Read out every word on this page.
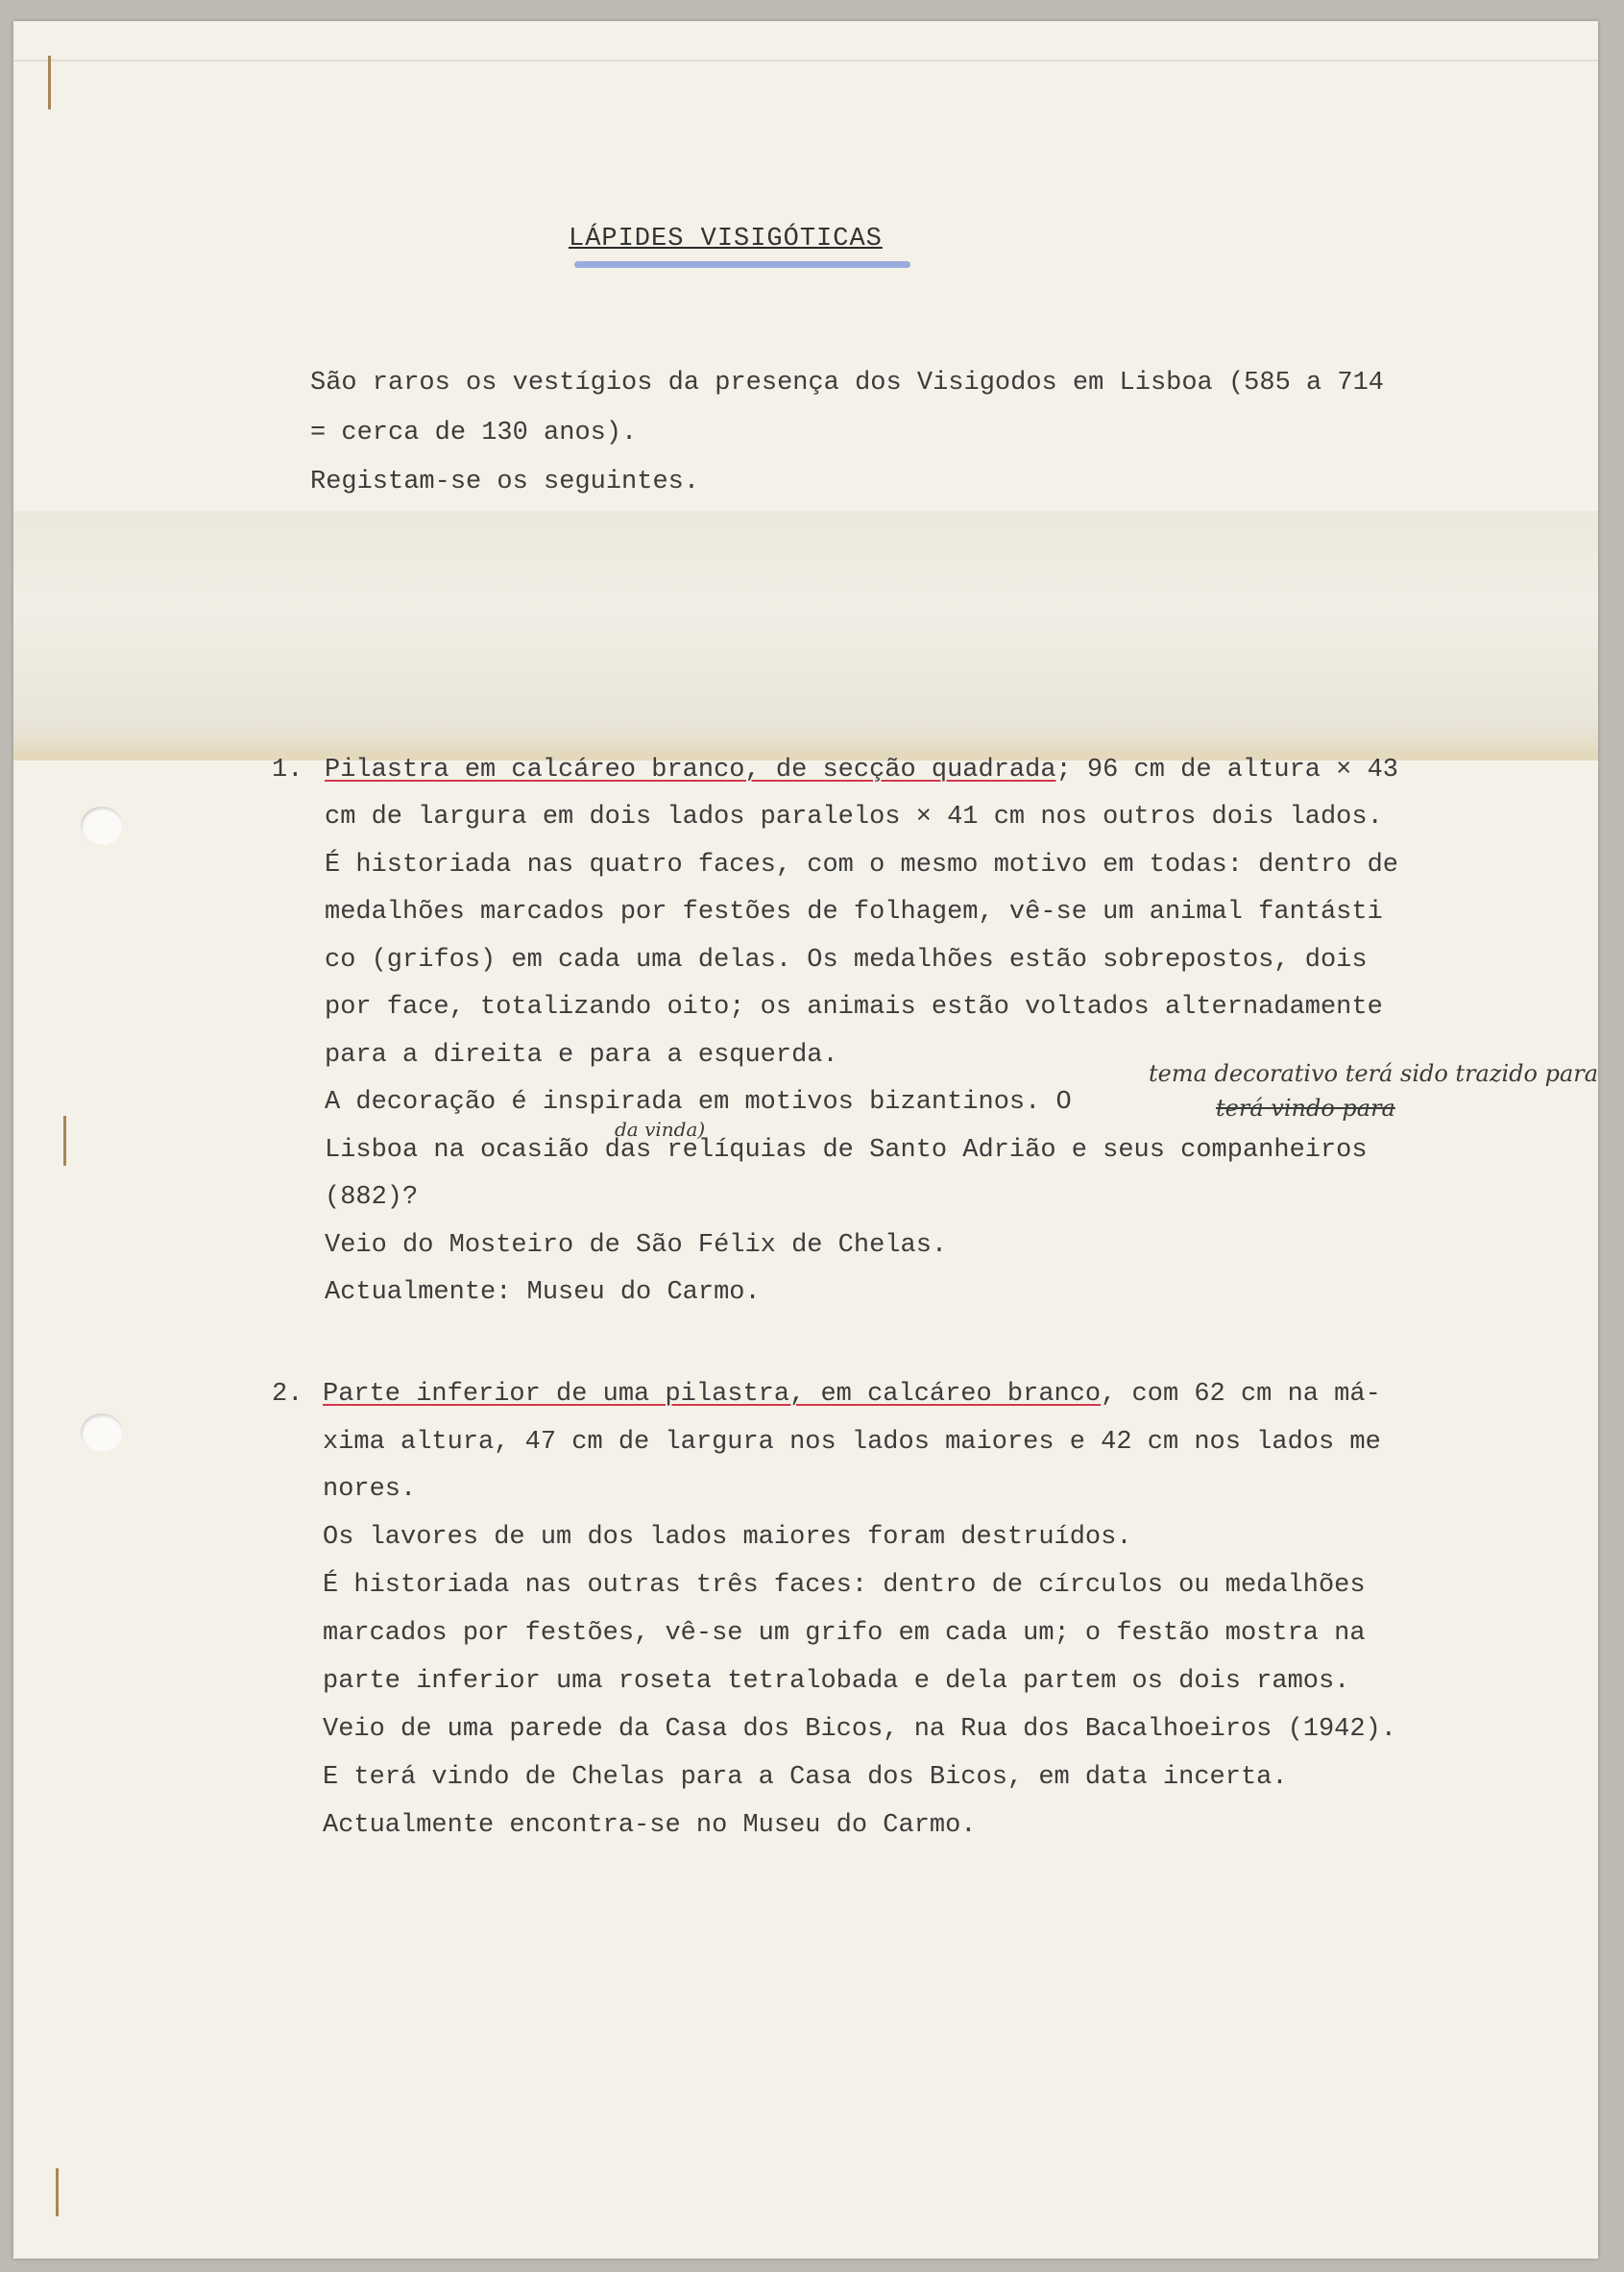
LÁPIDES VISIGÓTICAS
São raros os vestígios da presença dos Visigodos em Lisboa (585 a 714
= cerca de 130 anos).
Registam-se os seguintes.
1. Pilastra em calcáreo branco, de secção quadrada; 96 cm de altura × 43
cm de largura em dois lados paralelos × 41 cm nos outros dois lados.
É historiada nas quatro faces, com o mesmo motivo em todas: dentro de
medalhões marcados por festões de folhagem, vê-se um animal fantásti
co (grifos) em cada uma delas. Os medalhões estão sobrepostos, dois
por face, totalizando oito; os animais estão voltados alternadamente
para a direita e para a esquerda.
A decoração é inspirada em motivos bizantinos. O
Lisboa na ocasião das relíquias de Santo Adrião e seus companheiros
(882)?
Veio do Mosteiro de São Félix de Chelas.
Actualmente: Museu do Carmo.
tema decorativo terá sido trazido para
terá vindo para
da vinda)
2. Parte inferior de uma pilastra, em calcáreo branco, com 62 cm na má-
xima altura, 47 cm de largura nos lados maiores e 42 cm nos lados me
nores.
Os lavores de um dos lados maiores foram destruídos.
É historiada nas outras três faces: dentro de círculos ou medalhões
marcados por festões, vê-se um grifo em cada um; o festão mostra na
parte inferior uma roseta tetralobada e dela partem os dois ramos.
Veio de uma parede da Casa dos Bicos, na Rua dos Bacalhoeiros (1942).
E terá vindo de Chelas para a Casa dos Bicos, em data incerta.
Actualmente encontra-se no Museu do Carmo.
